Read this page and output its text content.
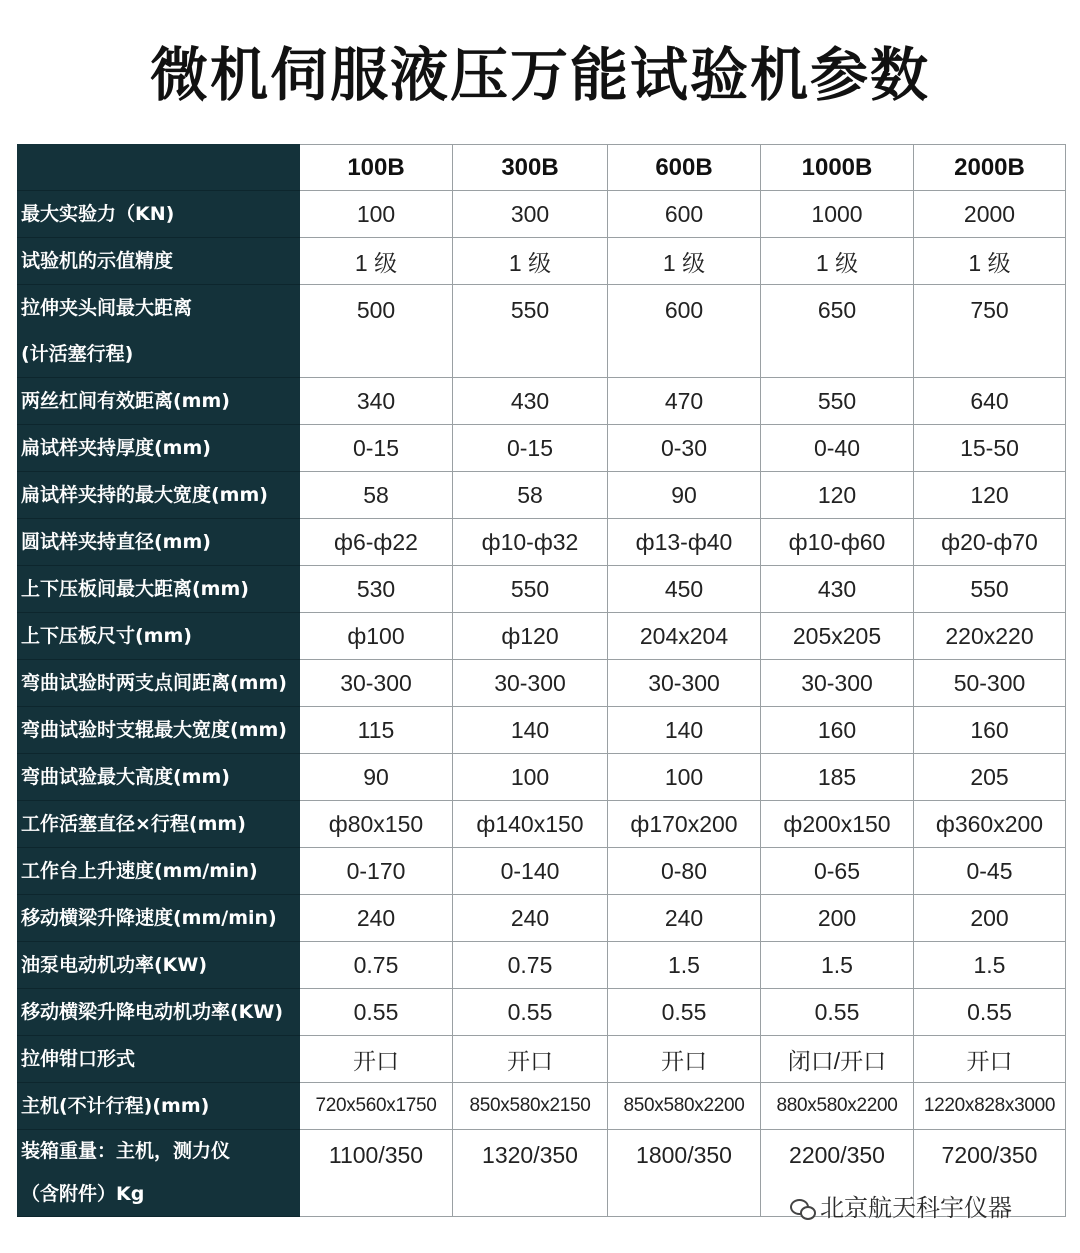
微机伺服液压万能试验机参数
	100B	300B	600B	1000B	2000B

最大实验力（KN)	100	300	600	1000	2000

试验机的示值精度	1 级	1 级	1 级	1 级	1 级

拉伸夹头间最大距离
(计活塞行程)	500	550	600	650	750

两丝杠间有效距离(mm)	340	430	470	550	640

扁试样夹持厚度(mm)	0-15	0-15	0-30	0-40	15-50

扁试样夹持的最大宽度(mm)	58	58	90	120	120

圆试样夹持直径(mm)	ф6-ф22	ф10-ф32	ф13-ф40	ф10-ф60	ф20-ф70

上下压板间最大距离(mm)	530	550	450	430	550

上下压板尺寸(mm)	ф100	ф120	204x204	205x205	220x220

弯曲试验时两支点间距离(mm)	30-300	30-300	30-300	30-300	50-300

弯曲试验时支辊最大宽度(mm)	115	140	140	160	160

弯曲试验最大高度(mm)	90	100	100	185	205

工作活塞直径×行程(mm)	ф80x150	ф140x150	ф170x200	ф200x150	ф360x200

工作台上升速度(mm/min)	0-170	0-140	0-80	0-65	0-45

移动横梁升降速度(mm/min)	240	240	240	200	200

油泵电动机功率(KW)	0.75	0.75	1.5	1.5	1.5

移动横梁升降电动机功率(KW)	0.55	0.55	0.55	0.55	0.55

拉伸钳口形式	开口	开口	开口	闭口/开口	开口

主机(不计行程)(mm)	720x560x1750	850x580x2150	850x580x2200	880x580x2200	1220x828x3000

装箱重量：主机，测力仪
（含附件）Kg	1100/350	1320/350	1800/350	2200/350	7200/350
北京航天科宇仪器
